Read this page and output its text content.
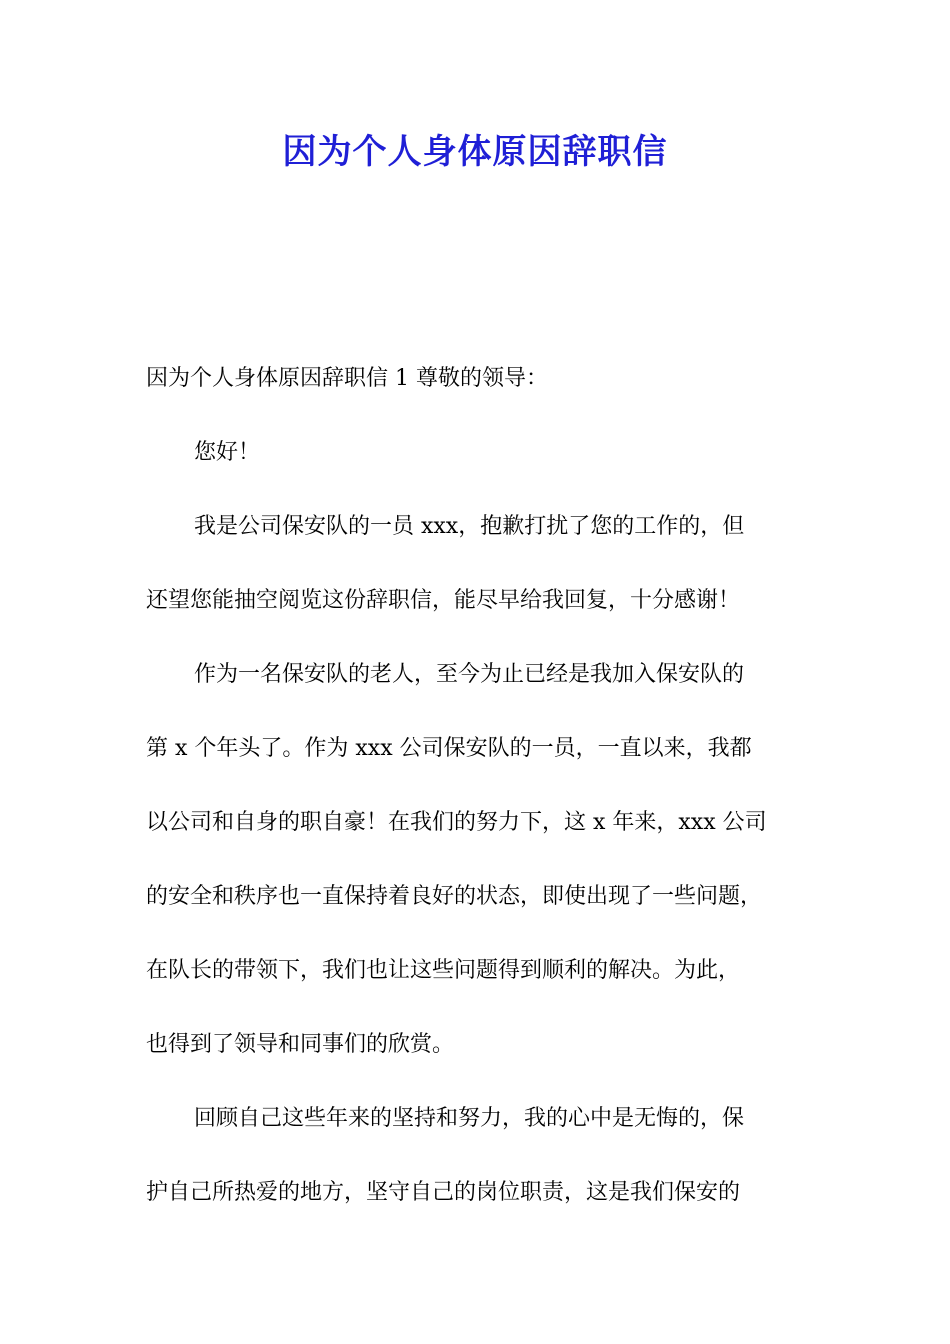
因为个人身体原因辞职信
因为个人身体原因辞职信 1 尊敬的领导：
您好！
我是公司保安队的一员 xxx，抱歉打扰了您的工作的，但
还望您能抽空阅览这份辞职信，能尽早给我回复，十分感谢！
作为一名保安队的老人，至今为止已经是我加入保安队的
第 x 个年头了。作为 xxx 公司保安队的一员，一直以来，我都
以公司和自身的职自豪！在我们的努力下，这 x 年来，xxx 公司
的安全和秩序也一直保持着良好的状态，即使出现了一些问题，
在队长的带领下，我们也让这些问题得到顺利的解决。为此，
也得到了领导和同事们的欣赏。
回顾自己这些年来的坚持和努力，我的心中是无悔的，保
护自己所热爱的地方，坚守自己的岗位职责，这是我们保安的
